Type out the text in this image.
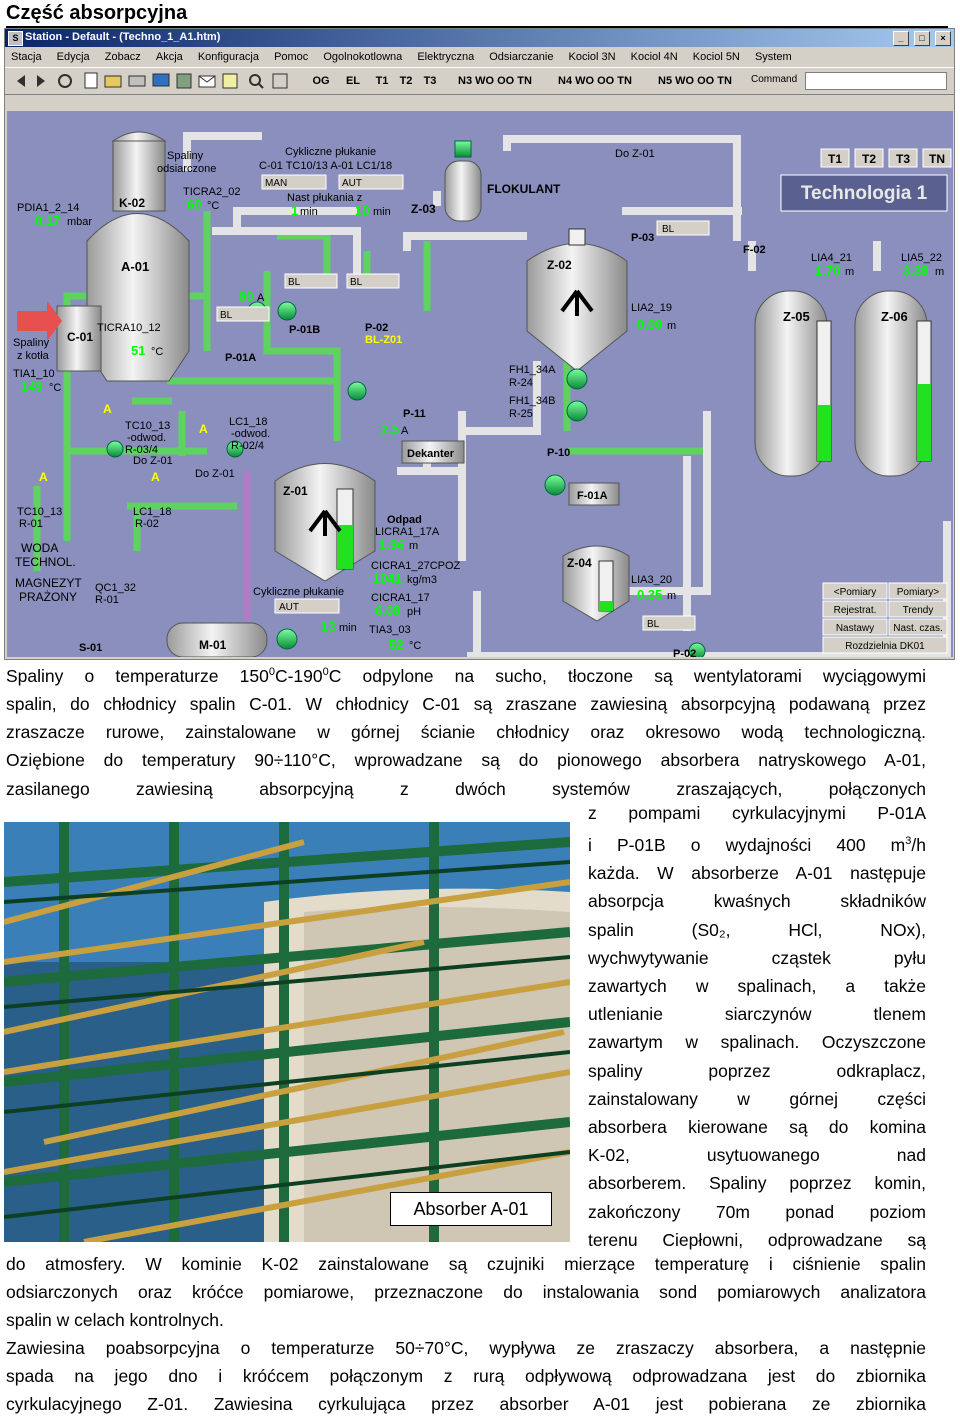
Część absorpcyjna
S Station - Default - (Techno_1_A1.htm)	_ □ ×
Stacja Edycja Zobacz Akcja Konfiguracja Pomoc Ogolnokotlowna Elektryczna Odsiarczanie Kociol 3N Kociol 4N Kociol 5N System
OG	EL	T1	T2	T3	N3 WO OO TN	N4 WO OO TN	N5 WO OO TN	Command
T1 T2 T3 TN
Technologia 1
<Pomiary Pomiary>
Rejestrat.	Trendy
Nastawy Nast. czas.
Rozdzielnia DK01
PDIA1_2_14
0.17 mbar
Spaliny
odsiarczone
TICRA2_02
60 °C
K-02
A-01
C-01
Spaliny
z kotła
TIA1_10
149 °C
TICRA10_12
51 °C
Cykliczne płukanie
C-01 TC10/13 A-01 LC1/18
MAN	AUT
Nast płukania z
1 min	10 min
80 A
BL	BL
BL
P-01B	P-02
BL-Z01
P-01A
Z-03
FLOKULANT
Z-02
P-03
BL
Do Z-01
F-02
LIA2_19
0.00 m
LIA4_21
1.70 m
LIA5_22
3.38 m
Z-05	Z-06
FH1_34A
R-24
FH1_34B
R-25
P-10
P-11
2.5 A
Dekanter
TC10_13
-odwod.
R-03/4
Do Z-01
LC1_18
-odwod.
R-02/4
Do Z-01
A
A
A	A
TC10_13
R-01
LC1_18
R-02
WODA
TECHNOL.
MAGNEZYT
PRAŻONY
QC1_32
R-01
S-01	M-01
Cykliczne płukanie
AUT
13 min
Z-01
Odpad
LICRA1_17A
1.96 m
CICRA1_27CPOZ
1041 kg/m3
CICRA1_17
6.08 pH
TIA3_03
52 °C
F-01A
Z-04
LIA3_20
0.35 m
BL
P-02
Spaliny o temperaturze $150^0C-190^0C$ odpylone na sucho, tłoczone są wentylatorami wyciągowymi
spalin, do chłodnicy spalin C-01. W chłodnicy C-01 są zraszane zawiesiną absorpcyjną podawaną przez
zraszacze rurowe, zainstalowane w górnej ścianie chłodnicy oraz okresowo wodą technologiczną.
Oziębione do temperatury 90÷110°C, wprowadzane są do pionowego absorbera natryskowego A-01,
zasilanego zawiesiną absorpcyjną z dwóch systemów zraszających, połączonych
Absorber A-01
z pompami cyrkulacyjnymi P-01A
i P-01B o wydajności 400 $m^3/h$
każda. W absorberze A-01 następuje
absorpcja kwaśnych składników
spalin (S0₂, HCl, NOx),
wychwytywanie cząstek pyłu
zawartych w spalinach, a także
utlenianie siarczynów tlenem
zawartym w spalinach. Oczyszczone
spaliny poprzez odkraplacz,
zainstalowany w górnej części
absorbera kierowane są do komina
K-02, usytuowanego nad
absorberem. Spaliny poprzez komin,
zakończony 70m ponad poziom
terenu Ciepłowni, odprowadzane są
do atmosfery. W kominie K-02 zainstalowane są czujniki mierzące temperaturę i ciśnienie spalin
odsiarczonych oraz króćce pomiarowe, przeznaczone do instalowania sond pomiarowych analizatora
spalin w celach kontrolnych.
Zawiesina poabsorpcyjna o temperaturze 50÷70°C, wypływa ze zraszaczy absorbera, a następnie
spada na jego dno i króćcem połączonym z rurą odpływową odprowadzana jest do zbiornika
cyrkulacyjnego Z-01. Zawiesina cyrkulująca przez absorber A-01 jest pobierana ze zbiornika
